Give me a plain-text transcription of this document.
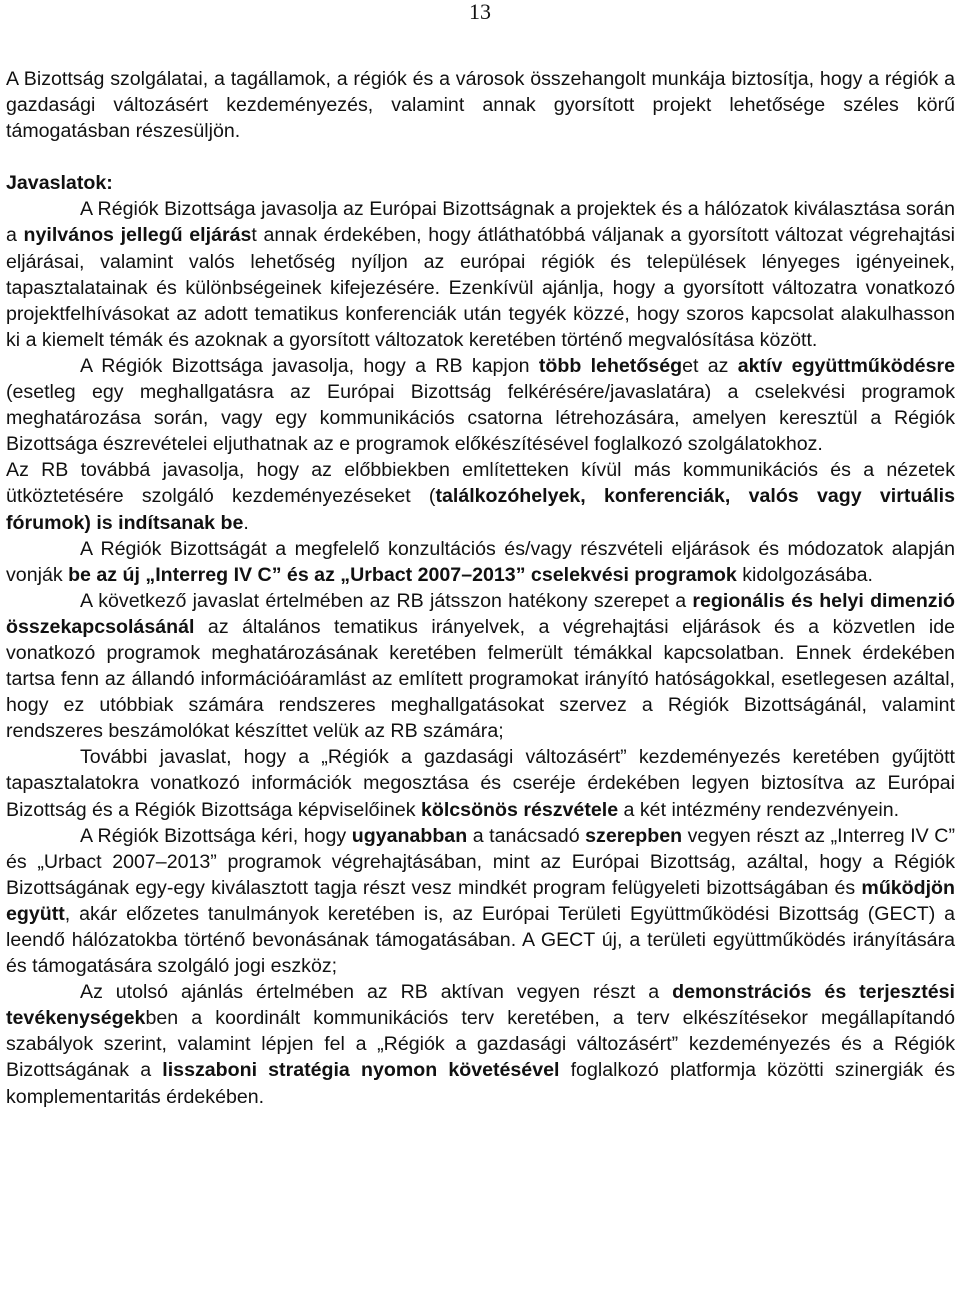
13

A Bizottság szolgálatai, a tagállamok, a régiók és a városok összehangolt munkája biztosítja, hogy a régiók a gazdasági változásért kezdeményezés, valamint annak gyorsított projekt lehetősége széles körű támogatásban részesüljön.

Javaslatok:

A Régiók Bizottsága javasolja az Európai Bizottságnak a projektek és a hálózatok kiválasztása során a nyilvános jellegű eljárást annak érdekében, hogy átláthatóbbá váljanak a gyorsított változat végrehajtási eljárásai, valamint valós lehetőség nyíljon az európai régiók és települések lényeges igényeinek, tapasztalatainak és különbségeinek kifejezésére. Ezenkívül ajánlja, hogy a gyorsított változatra vonatkozó projektfelhívásokat az adott tematikus konferenciák után tegyék közzé, hogy szoros kapcsolat alakulhasson ki a kiemelt témák és azoknak a gyorsított változatok keretében történő megvalósítása között.

A Régiók Bizottsága javasolja, hogy a RB kapjon több lehetőséget az aktív együttműködésre (esetleg egy meghallgatásra az Európai Bizottság felkérésére/javaslatára) a cselekvési programok meghatározása során, vagy egy kommunikációs csatorna létrehozására, amelyen keresztül a Régiók Bizottsága észrevételei eljuthatnak az e programok előkészítésével foglalkozó szolgálatokhoz.

Az RB továbbá javasolja, hogy az előbbiekben említetteken kívül más kommunikációs és a nézetek ütköztetésére szolgáló kezdeményezéseket (találkozóhelyek, konferenciák, valós vagy virtuális fórumok) is indítsanak be.

A Régiók Bizottságát a megfelelő konzultációs és/vagy részvételi eljárások és módozatok alapján vonják be az új „Interreg IV C” és az „Urbact 2007–2013” cselekvési programok kidolgozásába.

A következő javaslat értelmében az RB játsszon hatékony szerepet a regionális és helyi dimenzió összekapcsolásánál az általános tematikus irányelvek, a végrehajtási eljárások és a közvetlen ide vonatkozó programok meghatározásának keretében felmerült témákkal kapcsolatban. Ennek érdekében tartsa fenn az állandó információáramlást az említett programokat irányító hatóságokkal, esetlegesen azáltal, hogy ez utóbbiak számára rendszeres meghallgatásokat szervez a Régiók Bizottságánál, valamint rendszeres beszámolókat készíttet velük az RB számára;

További javaslat, hogy a „Régiók a gazdasági változásért” kezdeményezés keretében gyűjtött tapasztalatokra vonatkozó információk megosztása és cseréje érdekében legyen biztosítva az Európai Bizottság és a Régiók Bizottsága képviselőinek kölcsönös részvétele a két intézmény rendezvényein.

A Régiók Bizottsága kéri, hogy ugyanabban a tanácsadó szerepben vegyen részt az „Interreg IV C” és „Urbact 2007–2013” programok végrehajtásában, mint az Európai Bizottság, azáltal, hogy a Régiók Bizottságának egy-egy kiválasztott tagja részt vesz mindkét program felügyeleti bizottságában és működjön együtt, akár előzetes tanulmányok keretében is, az Európai Területi Együttműködési Bizottság (GECT) a leendő hálózatokba történő bevonásának támogatásában. A GECT új, a területi együttműködés irányítására és támogatására szolgáló jogi eszköz;

Az utolsó ajánlás értelmében az RB aktívan vegyen részt a demonstrációs és terjesztési tevékenységekben a koordinált kommunikációs terv keretében, a terv elkészítésekor megállapítandó szabályok szerint, valamint lépjen fel a „Régiók a gazdasági változásért” kezdeményezés és a Régiók Bizottságának a lisszaboni stratégia nyomon követésével foglalkozó platformja közötti szinergiák és komplementaritás érdekében.
